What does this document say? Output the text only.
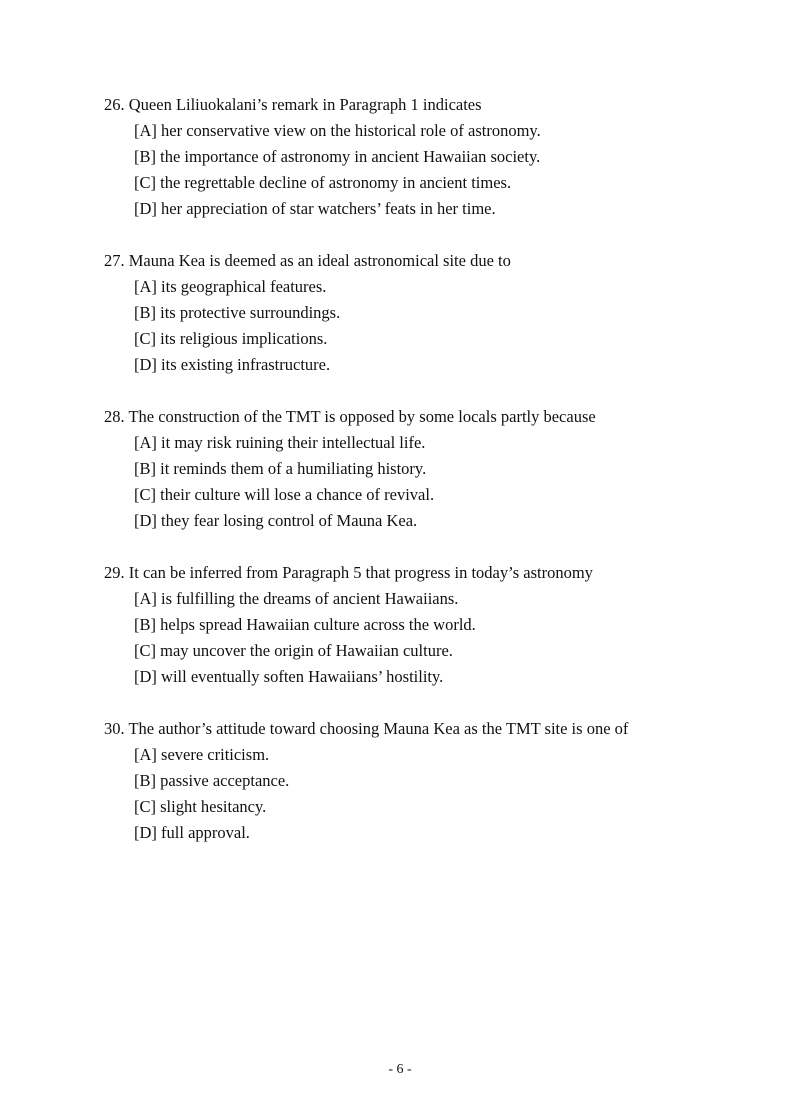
26. Queen Liliuokalani’s remark in Paragraph 1 indicates
[A] her conservative view on the historical role of astronomy.
[B] the importance of astronomy in ancient Hawaiian society.
[C] the regrettable decline of astronomy in ancient times.
[D] her appreciation of star watchers’ feats in her time.
27. Mauna Kea is deemed as an ideal astronomical site due to
[A] its geographical features.
[B] its protective surroundings.
[C] its religious implications.
[D] its existing infrastructure.
28. The construction of the TMT is opposed by some locals partly because
[A] it may risk ruining their intellectual life.
[B] it reminds them of a humiliating history.
[C] their culture will lose a chance of revival.
[D] they fear losing control of Mauna Kea.
29. It can be inferred from Paragraph 5 that progress in today’s astronomy
[A] is fulfilling the dreams of ancient Hawaiians.
[B] helps spread Hawaiian culture across the world.
[C] may uncover the origin of Hawaiian culture.
[D] will eventually soften Hawaiians’ hostility.
30. The author’s attitude toward choosing Mauna Kea as the TMT site is one of
[A] severe criticism.
[B] passive acceptance.
[C] slight hesitancy.
[D] full approval.
- 6 -
